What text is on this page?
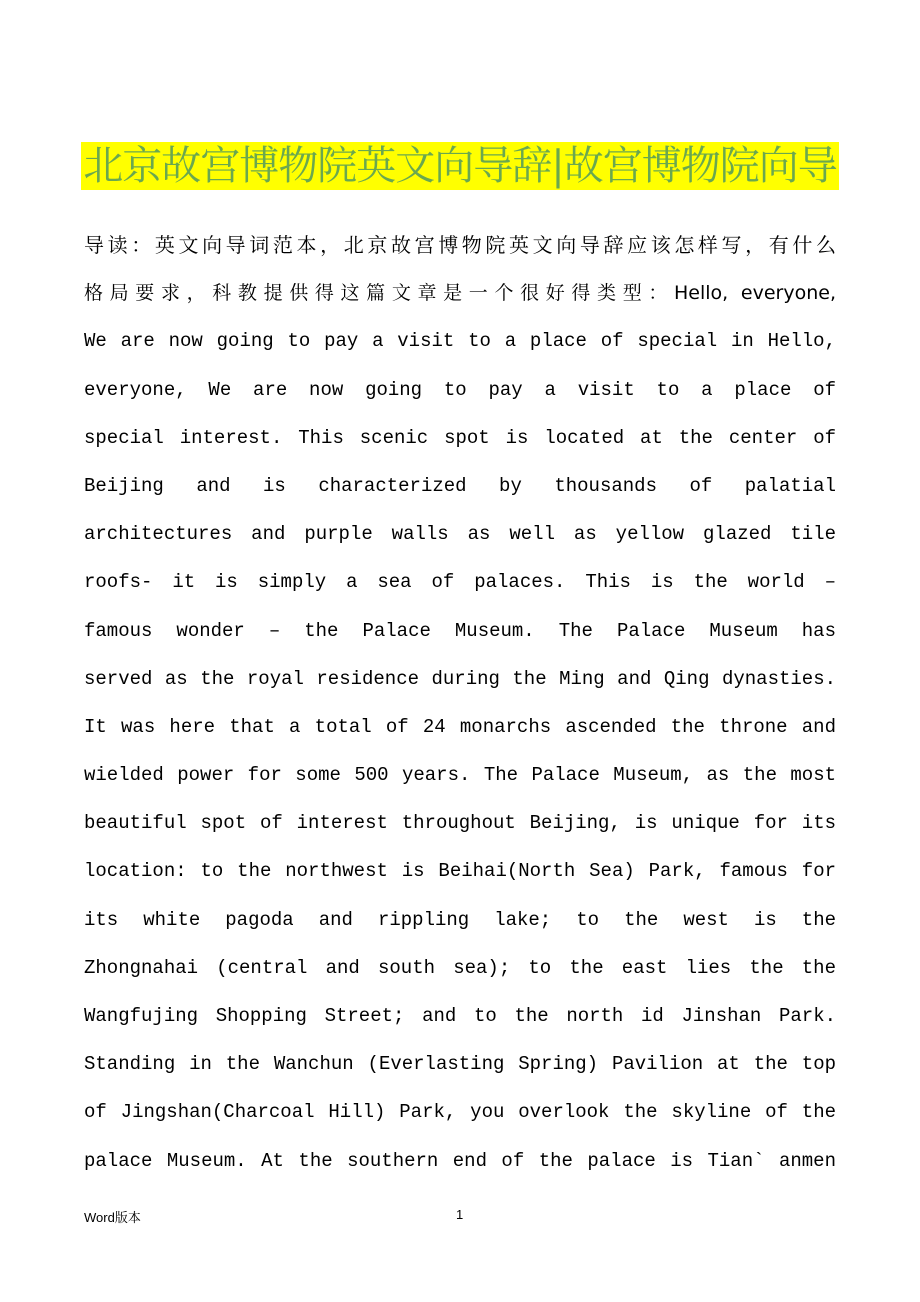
北京故宫博物院英文向导辞|故宫博物院向导
导读：英文向导词范本，北京故宫博物院英文向导辞应该怎样写，有什么
格局要求，科教提供得这篇文章是一个很好得类型：Hello, everyone,
We are now going to pay a visit to a place of special in Hello,
everyone, We are now going to pay a visit to a place of
special interest. This scenic spot is located at the center of
Beijing and is characterized by thousands of palatial
architectures and purple walls as well as yellow glazed tile
roofs- it is simply a sea of palaces. This is the world –
famous wonder – the Palace Museum. The Palace Museum has
served as the royal residence during the Ming and Qing dynasties.
It was here that a total of 24 monarchs ascended the throne and
wielded power for some 500 years. The Palace Museum, as the most
beautiful spot of interest throughout Beijing, is unique for its
location: to the northwest is Beihai(North Sea) Park, famous for
its white pagoda and rippling lake; to the west is the
Zhongnahai (central and south sea); to the east lies the the
Wangfujing Shopping Street; and to the north id Jinshan Park.
Standing in the Wanchun (Everlasting Spring) Pavilion at the top
of Jingshan(Charcoal Hill) Park, you overlook the skyline of the
palace Museum. At the southern end of the palace is Tian` anmen
Word版本	1
